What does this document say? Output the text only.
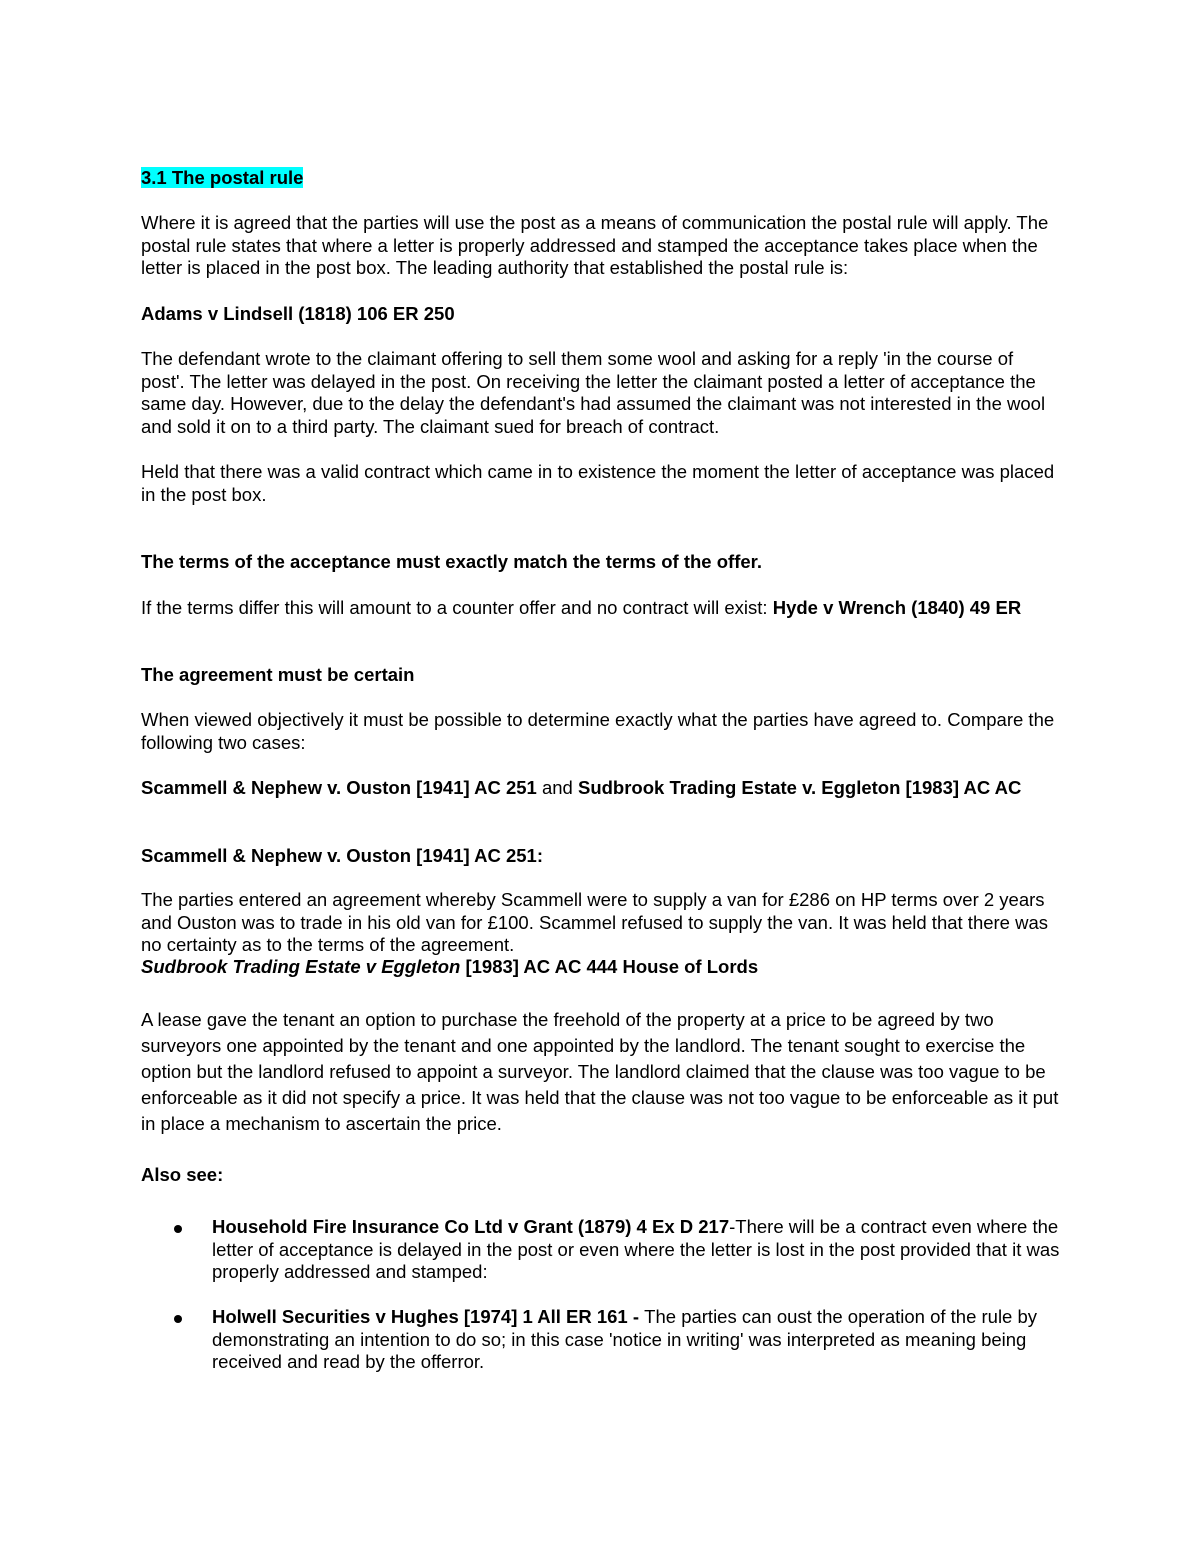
3.1 The postal rule

Where it is agreed that the parties will use the post as a means of communication the postal rule will apply. The postal rule states that where a letter is properly addressed and stamped the acceptance takes place when the letter is placed in the post box. The leading authority that established the postal rule is:

Adams v Lindsell (1818) 106 ER 250

The defendant wrote to the claimant offering to sell them some wool and asking for a reply 'in the course of post'. The letter was delayed in the post. On receiving the letter the claimant posted a letter of acceptance the same day. However, due to the delay the defendant's had assumed the claimant was not interested in the wool and sold it on to a third party. The claimant sued for breach of contract.

Held that there was a valid contract which came in to existence the moment the letter of acceptance was placed in the post box.

The terms of the acceptance must exactly match the terms of the offer.

If the terms differ this will amount to a counter offer and no contract will exist: Hyde v Wrench (1840) 49 ER

The agreement must be certain

When viewed objectively it must be possible to determine exactly what the parties have agreed to. Compare the following two cases:

Scammell & Nephew v. Ouston [1941] AC 251 and Sudbrook Trading Estate v. Eggleton [1983] AC AC

Scammell & Nephew v. Ouston [1941] AC 251:

The parties entered an agreement whereby Scammell were to supply a van for £286 on HP terms over 2 years and Ouston was to trade in his old van for £100. Scammel refused to supply the van. It was held that there was no certainty as to the terms of the agreement.

Sudbrook Trading Estate v Eggleton [1983] AC AC 444 House of Lords

A lease gave the tenant an option to purchase the freehold of the property at a price to be agreed by two surveyors one appointed by the tenant and one appointed by the landlord. The tenant sought to exercise the option but the landlord refused to appoint a surveyor. The landlord claimed that the clause was too vague to be enforceable as it did not specify a price. It was held that the clause was not too vague to be enforceable as it put in place a mechanism to ascertain the price.

Also see:

Household Fire Insurance Co Ltd v Grant (1879) 4 Ex D 217-There will be a contract even where the letter of acceptance is delayed in the post or even where the letter is lost in the post provided that it was properly addressed and stamped:

Holwell Securities v Hughes [1974] 1 All ER 161 - The parties can oust the operation of the rule by demonstrating an intention to do so; in this case 'notice in writing' was interpreted as meaning being received and read by the offerror.
